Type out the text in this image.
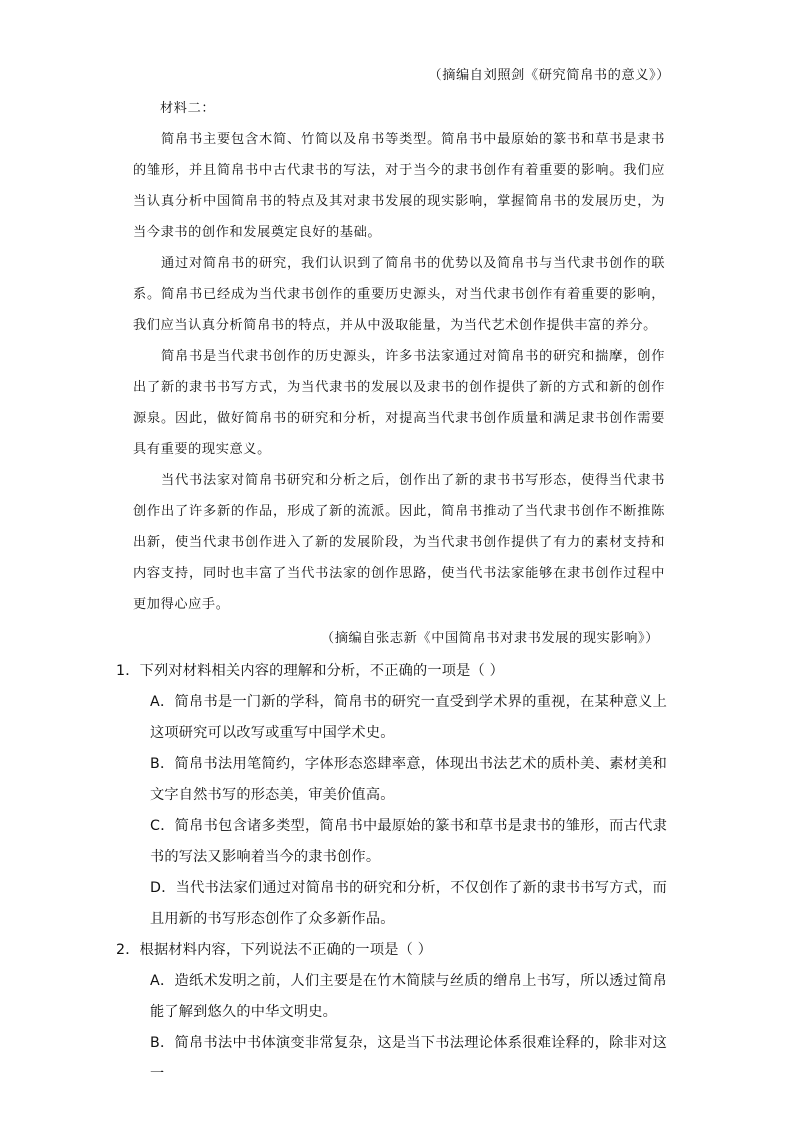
（摘编自刘照剑《研究简帛书的意义》）
材料二：

简帛书主要包含木简、竹简以及帛书等类型。简帛书中最原始的篆书和草书是隶书的雏形，并且简帛书中古代隶书的写法，对于当今的隶书创作有着重要的影响。我们应当认真分析中国简帛书的特点及其对隶书发展的现实影响，掌握简帛书的发展历史，为当今隶书的创作和发展奠定良好的基础。

通过对简帛书的研究，我们认识到了简帛书的优势以及简帛书与当代隶书创作的联系。简帛书已经成为当代隶书创作的重要历史源头，对当代隶书创作有着重要的影响，我们应当认真分析简帛书的特点，并从中汲取能量，为当代艺术创作提供丰富的养分。

简帛书是当代隶书创作的历史源头，许多书法家通过对简帛书的研究和揣摩，创作出了新的隶书书写方式，为当代隶书的发展以及隶书的创作提供了新的方式和新的创作源泉。因此，做好简帛书的研究和分析，对提高当代隶书创作质量和满足隶书创作需要具有重要的现实意义。

当代书法家对简帛书研究和分析之后，创作出了新的隶书书写形态，使得当代隶书创作出了许多新的作品，形成了新的流派。因此，简帛书推动了当代隶书创作不断推陈出新，使当代隶书创作进入了新的发展阶段，为当代隶书创作提供了有力的素材支持和内容支持，同时也丰富了当代书法家的创作思路，使当代书法家能够在隶书创作过程中更加得心应手。

（摘编自张志新《中国简帛书对隶书发展的现实影响》）

1．下列对材料相关内容的理解和分析，不正确的一项是（ ）

A．简帛书是一门新的学科，简帛书的研究一直受到学术界的重视，在某种意义上这项研究可以改写或重写中国学术史。

B．简帛书法用笔简约，字体形态恣肆率意，体现出书法艺术的质朴美、素材美和文字自然书写的形态美，审美价值高。

C．简帛书包含诸多类型，简帛书中最原始的篆书和草书是隶书的雏形，而古代隶书的写法又影响着当今的隶书创作。

D．当代书法家们通过对简帛书的研究和分析，不仅创作了新的隶书书写方式，而且用新的书写形态创作了众多新作品。

2．根据材料内容，下列说法不正确的一项是（ ）

A．造纸术发明之前，人们主要是在竹木简牍与丝质的缯帛上书写，所以透过简帛能了解到悠久的中华文明史。

B．简帛书法中书体演变非常复杂，这是当下书法理论体系很难诠释的，除非对这一
